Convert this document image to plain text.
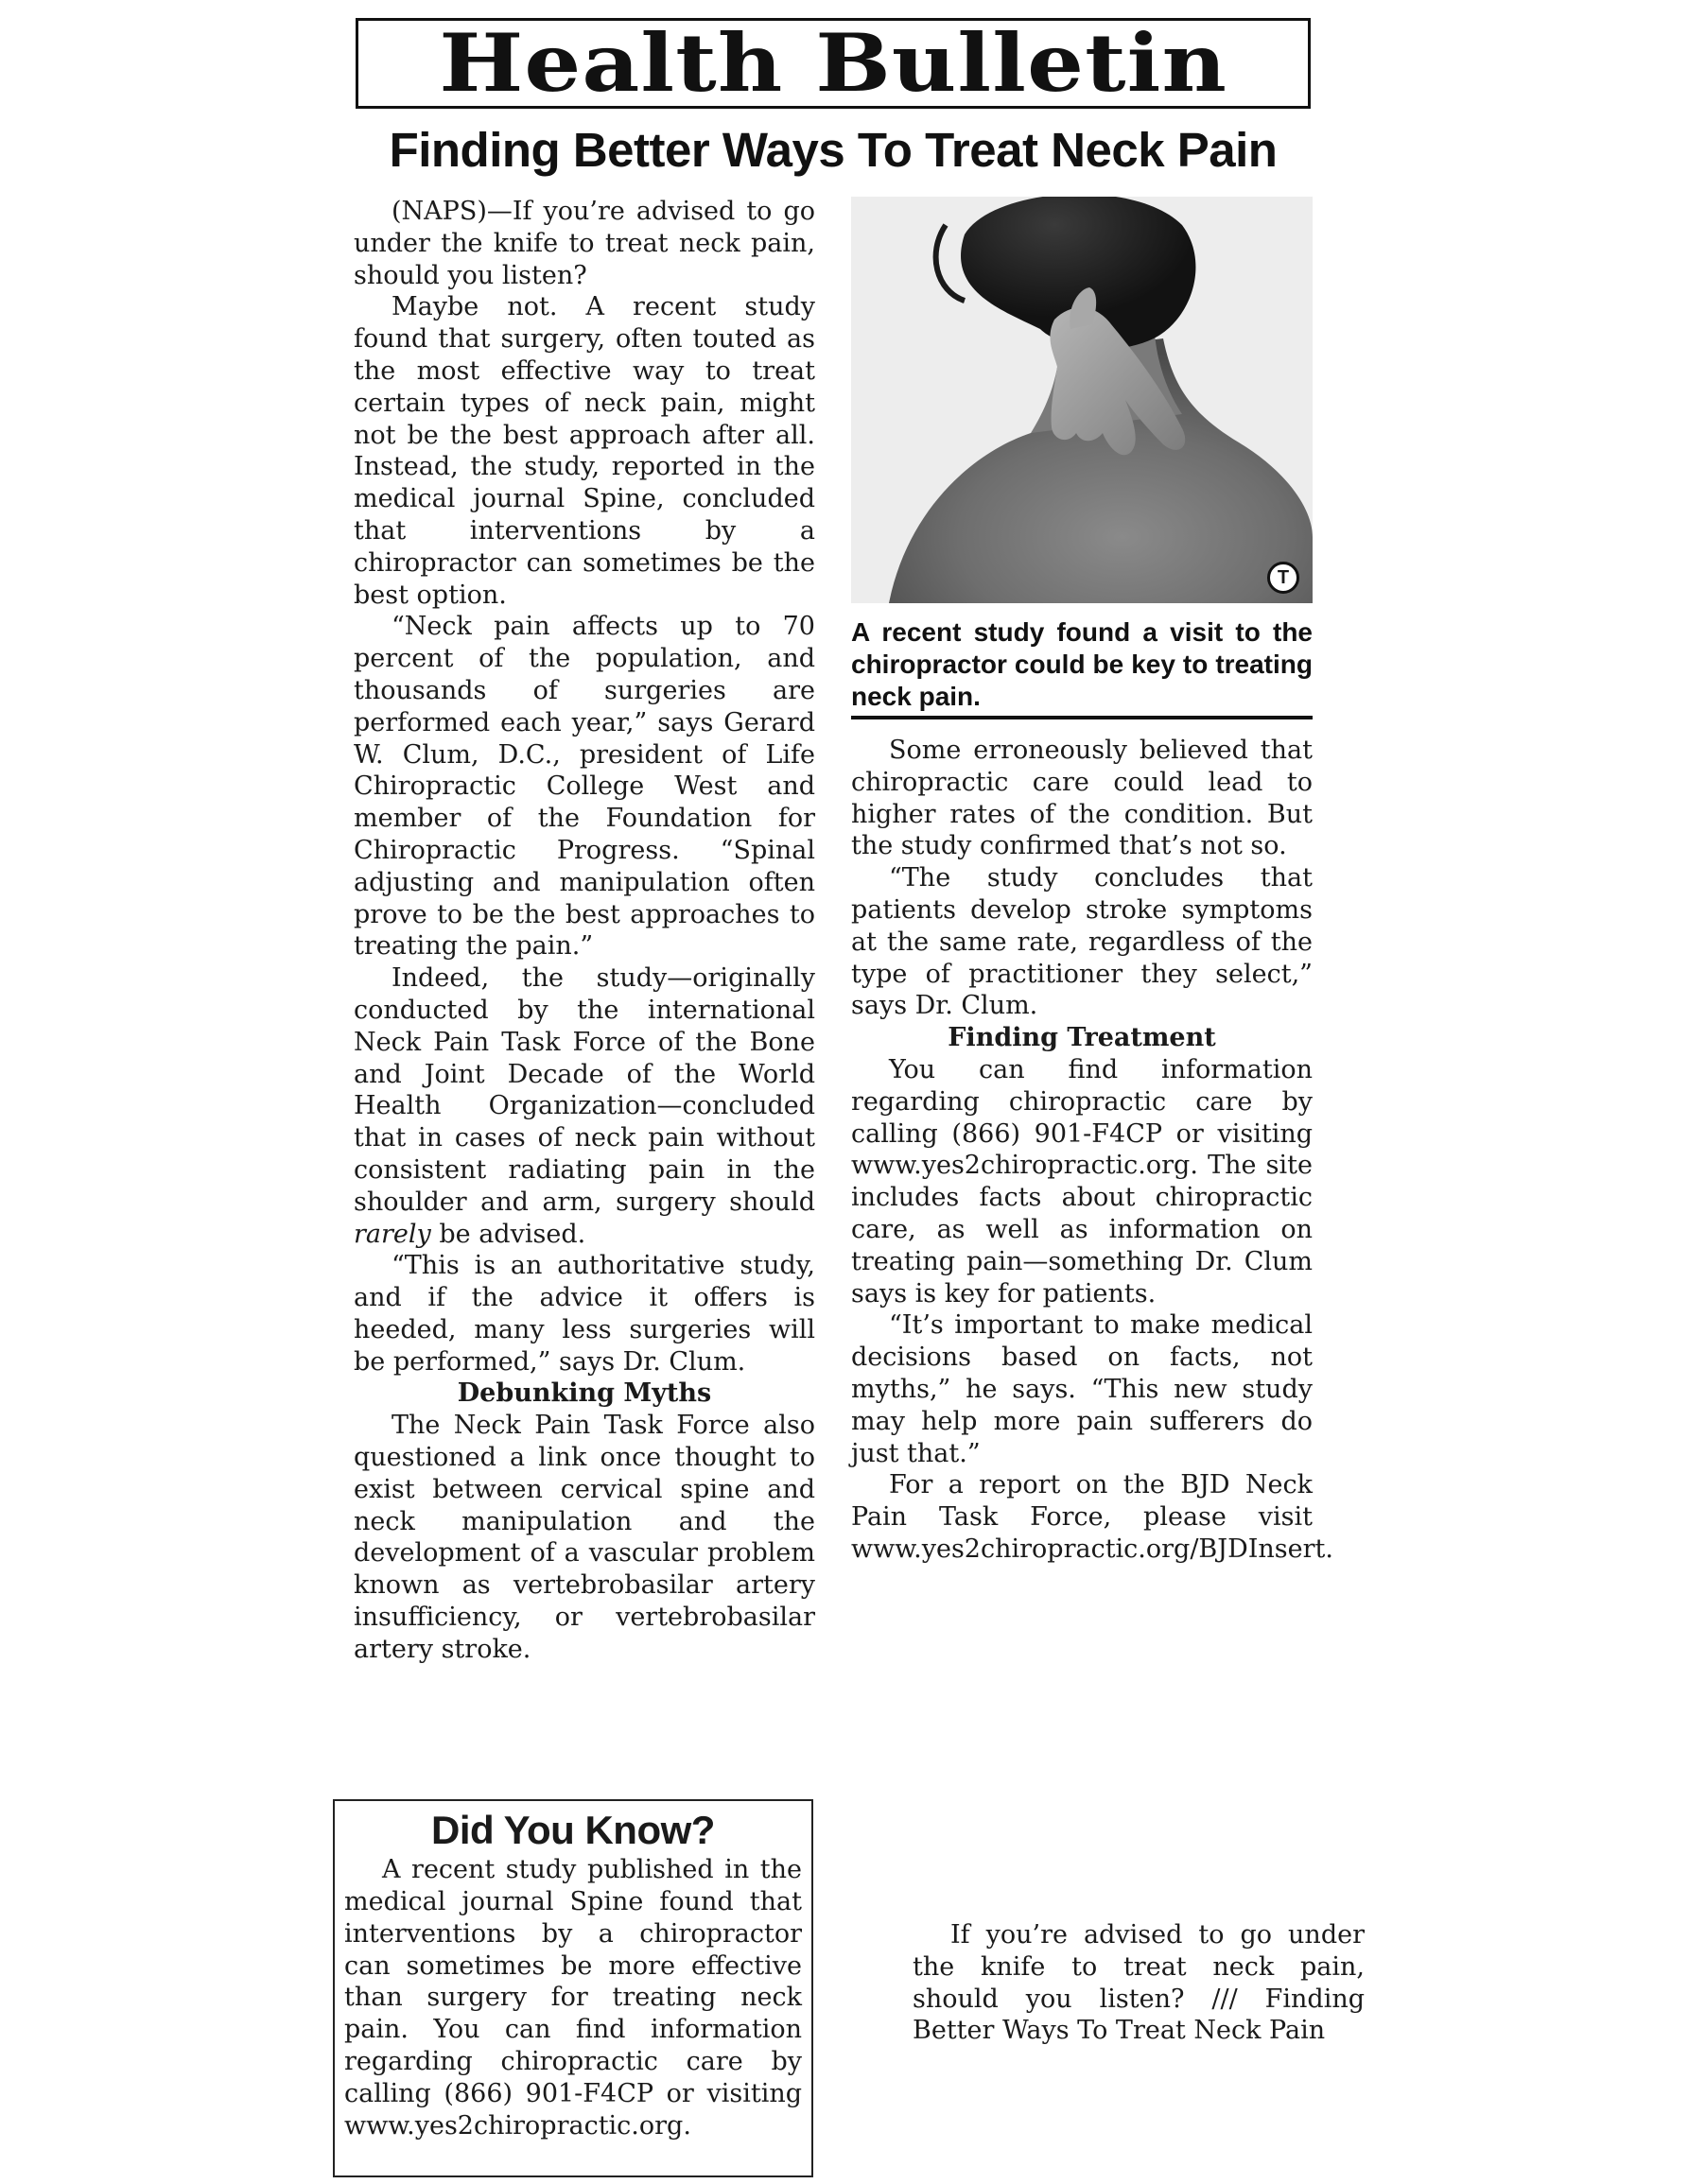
Health Bulletin
Finding Better Ways To Treat Neck Pain

(NAPS)—If you’re advised to go under the knife to treat neck pain, should you listen?

Maybe not. A recent study found that surgery, often touted as the most effective way to treat certain types of neck pain, might not be the best approach after all. Instead, the study, reported in the medical journal Spine, concluded that interventions by a chiropractor can sometimes be the best option.

“Neck pain affects up to 70 percent of the population, and thousands of surgeries are performed each year,” says Gerard W. Clum, D.C., president of Life Chiropractic College West and member of the Foundation for Chiropractic Progress. “Spinal adjusting and manipulation often prove to be the best approaches to treating the pain.”

Indeed, the study—originally conducted by the international Neck Pain Task Force of the Bone and Joint Decade of the World Health Organization—concluded that in cases of neck pain without consistent radiating pain in the shoulder and arm, surgery should rarely be advised.

“This is an authoritative study, and if the advice it offers is heeded, many less surgeries will be performed,” says Dr. Clum.

Debunking Myths

The Neck Pain Task Force also questioned a link once thought to exist between cervical spine and neck manipulation and the development of a vascular problem known as vertebrobasilar artery insufficiency, or vertebrobasilar artery stroke.

T
A recent study found a visit to the chiropractor could be key to treating neck pain.

Some erroneously believed that chiropractic care could lead to higher rates of the condition. But the study confirmed that’s not so.

“The study concludes that patients develop stroke symptoms at the same rate, regardless of the type of practitioner they select,” says Dr. Clum.

Finding Treatment

You can find information regarding chiropractic care by calling (866) 901-F4CP or visiting www.yes2chiropractic.org. The site includes facts about chiropractic care, as well as information on treating pain—something Dr. Clum says is key for patients.

“It’s important to make medical decisions based on facts, not myths,” he says. “This new study may help more pain sufferers do just that.”

For a report on the BJD Neck Pain Task Force, please visit www.yes2chiropractic.org/BJDInsert.

Did You Know?

A recent study published in the medical journal Spine found that interventions by a chiropractor can sometimes be more effective than surgery for treating neck pain. You can find information regarding chiropractic care by calling (866) 901-F4CP or visiting www.yes2chiropractic.org.

If you’re advised to go under the knife to treat neck pain, should you listen? /// Finding Better Ways To Treat Neck Pain
